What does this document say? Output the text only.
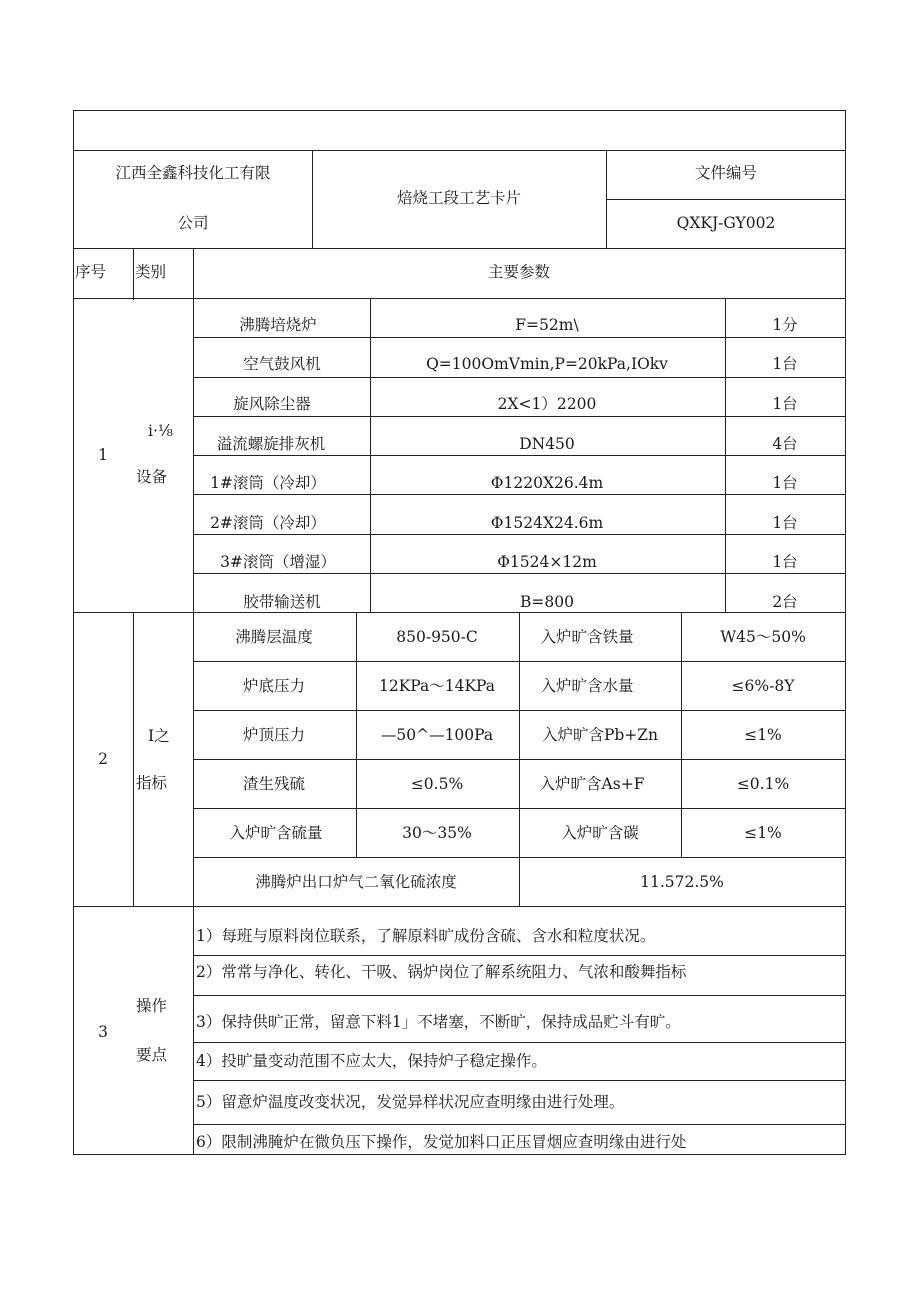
江西全鑫科技化工有限
公司
焙烧工段工艺卡片
文件编号
QXKJ-GY002
序号 类别	主要参数
1
i·⅛
设备
沸腾培烧炉	F=52m\	1分
空气鼓风机	Q=100OmVmin,P=20kPa,IOkv	1台
旋风除尘器	2X<1）2200	1台
溢流螺旋排灰机	DN450	4台
1#滚筒（冷却）	Φ1220X26.4m	1台
2#滚筒（冷却）	Φ1524X24.6m	1台
3#滚筒（增湿）	Φ1524×12m	1台
胶带输送机	B=800	2台
2
I之
指标
沸腾层温度	850-950-C	入炉旷含铁量	W45～50%
炉底压力	12KPa～14KPa	入炉旷含水量	≤6%-8Y
炉顶压力	—50^—100Pa	入炉旷含Pb+Zn	≤1%
渣生残硫	≤0.5%	入炉旷含As+F	≤0.1%
入炉旷含硫量	30～35%	入炉旷含碳	≤1%
沸腾炉出口炉气二氧化硫浓度	11.572.5%
3
操作
要点
1）每班与原料岗位联系，了解原料旷成份含硫、含水和粒度状况。
2）常常与净化、转化、干吸、锅炉岗位了解系统阻力、气浓和酸舞指标
3）保持供旷正常，留意下料1」不堵塞，不断旷，保持成品贮斗有旷。
4）投旷量变动范围不应太大，保持炉子稳定操作。
5）留意炉温度改变状况，发觉异样状况应查明缘由进行处理。
6）限制沸腌炉在微负压下操作，发觉加料口正压冒烟应查明缘由进行处
